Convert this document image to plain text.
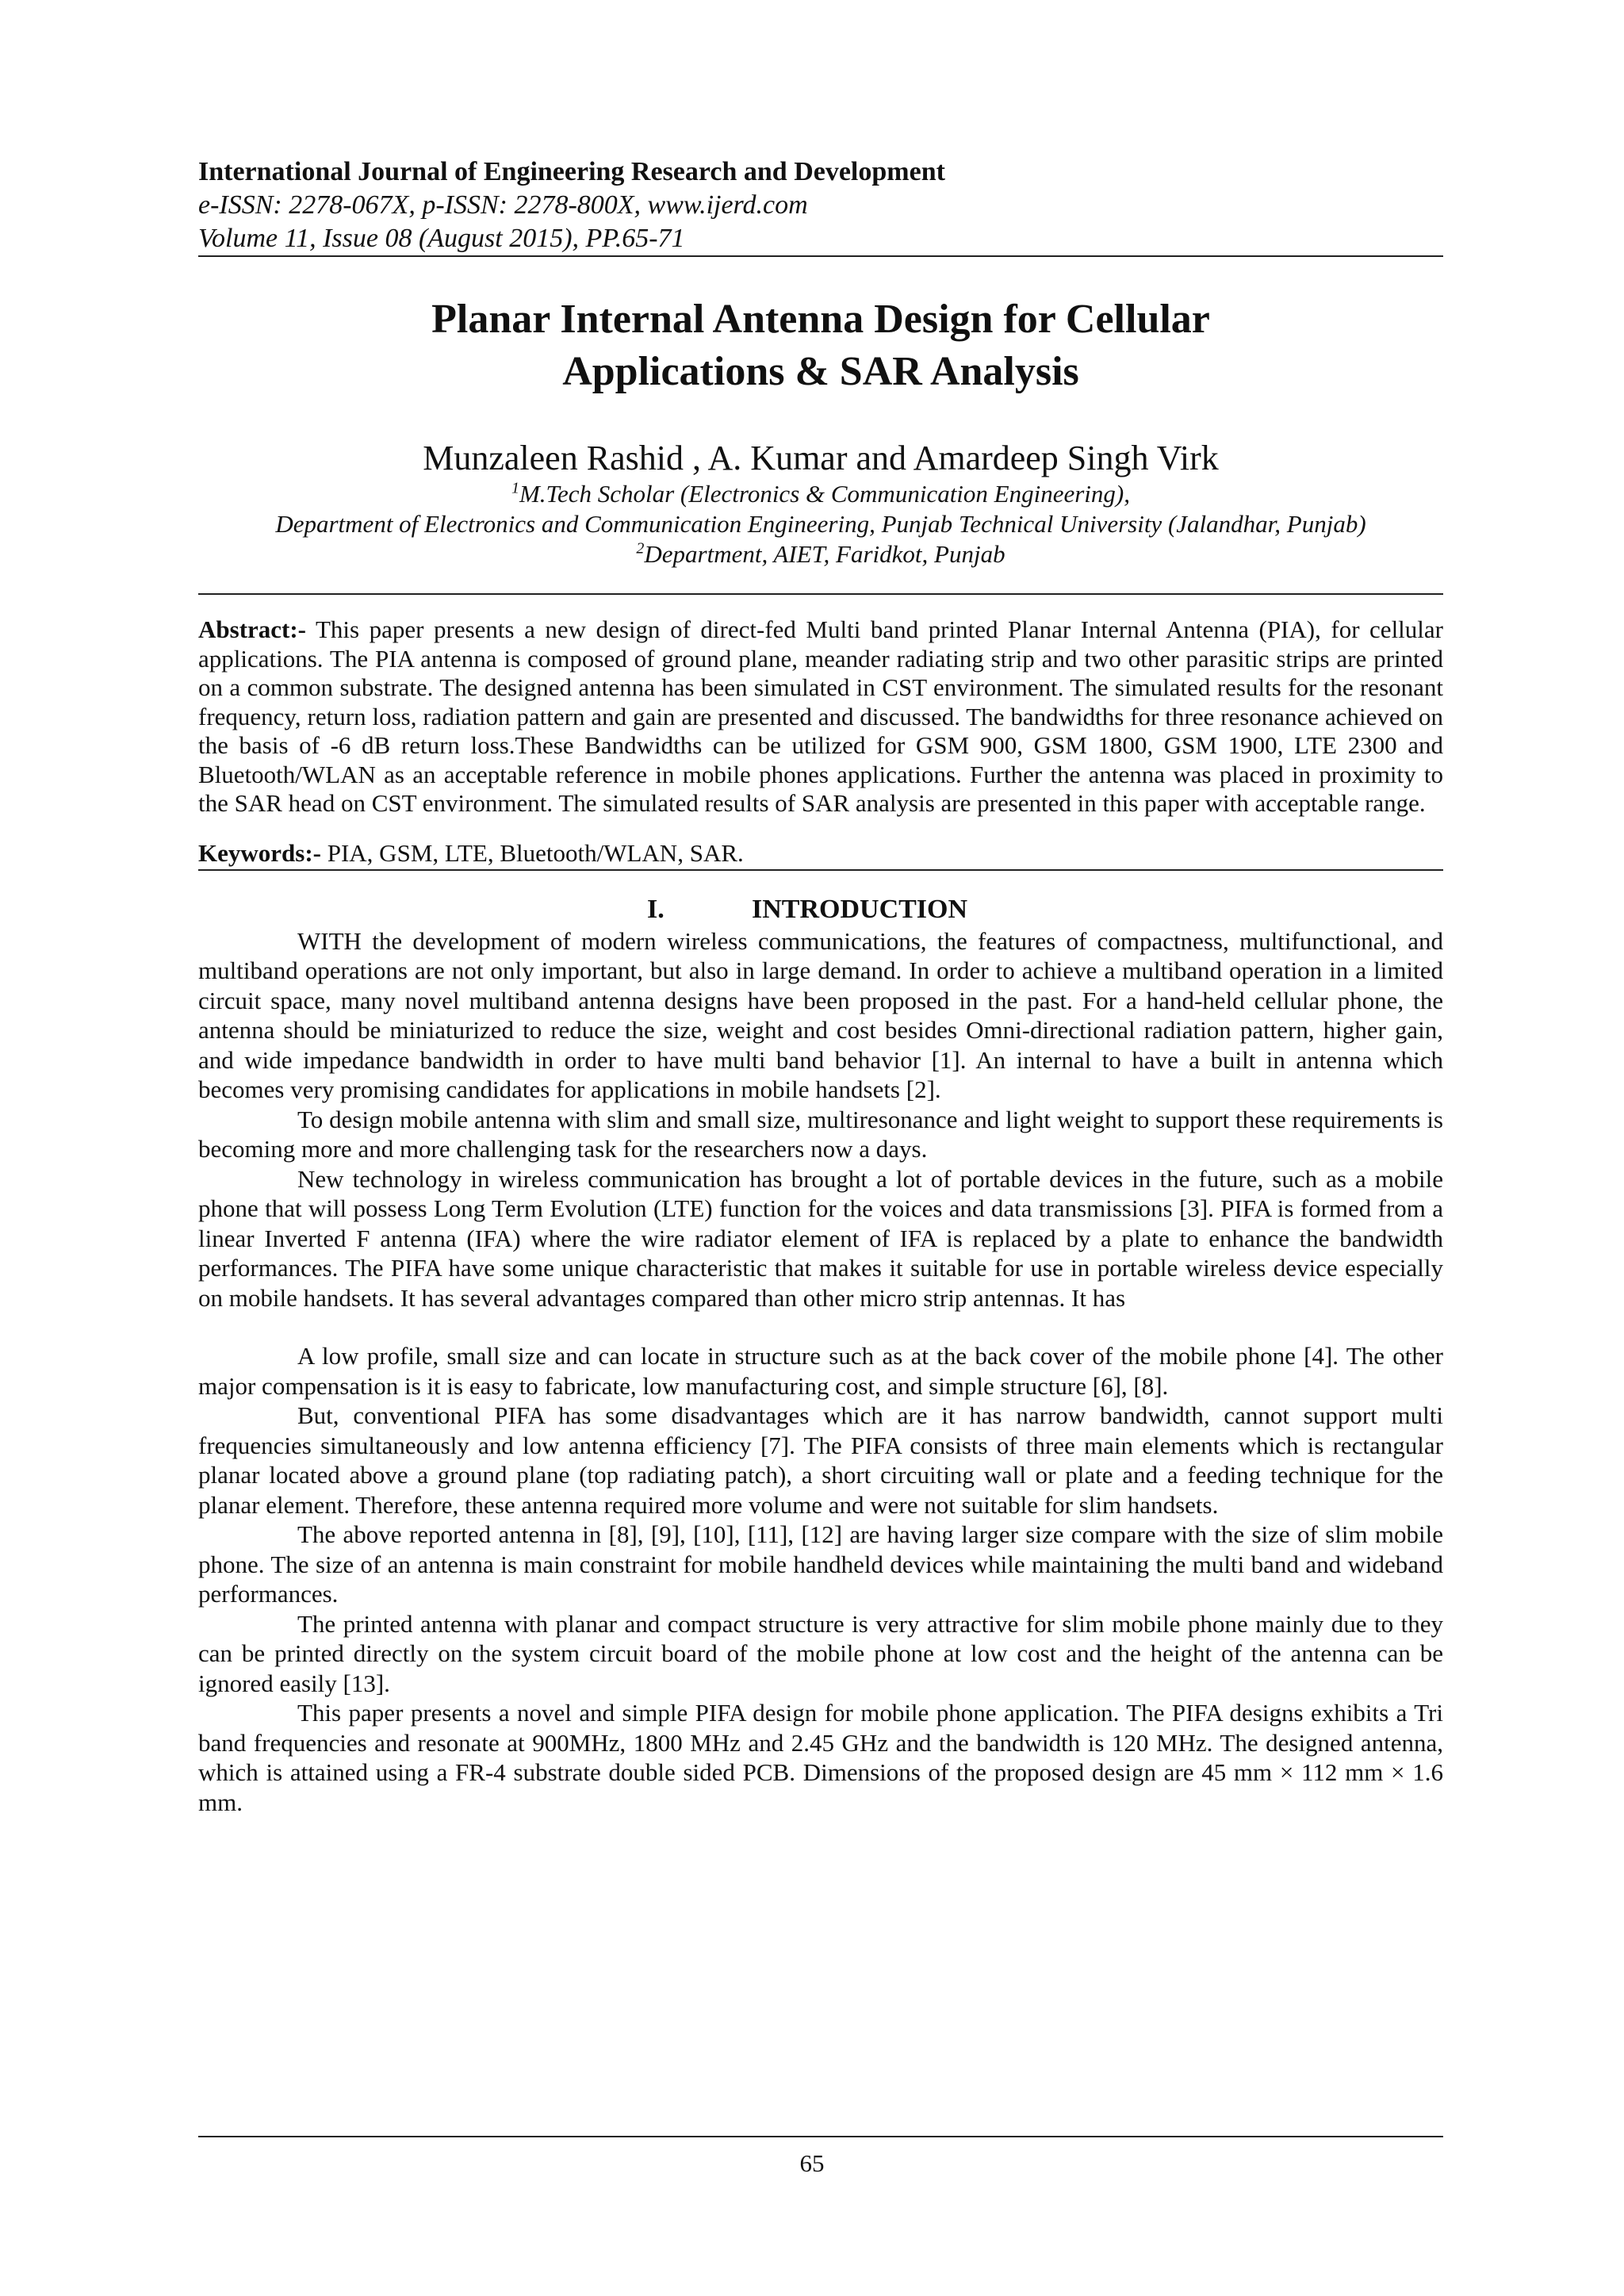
International Journal of Engineering Research and Development
e-ISSN: 2278-067X, p-ISSN: 2278-800X, www.ijerd.com
Volume 11, Issue 08 (August 2015), PP.65-71
Planar Internal Antenna Design for Cellular
Applications & SAR Analysis
Munzaleen Rashid , A. Kumar and Amardeep Singh Virk
$^1$M.Tech Scholar (Electronics & Communication Engineering),
Department of Electronics and Communication Engineering, Punjab Technical University (Jalandhar, Punjab)
$^2$Department, AIET, Faridkot, Punjab
Abstract:- This paper presents a new design of direct-fed Multi band printed Planar Internal Antenna (PIA), for cellular applications. The PIA antenna is composed of ground plane, meander radiating strip and two other parasitic strips are printed on a common substrate. The designed antenna has been simulated in CST environment. The simulated results for the resonant frequency, return loss, radiation pattern and gain are presented and discussed. The bandwidths for three resonance achieved on the basis of -6 dB return loss.These Bandwidths can be utilized for GSM 900, GSM 1800, GSM 1900, LTE 2300 and Bluetooth/WLAN as an acceptable reference in mobile phones applications. Further the antenna was placed in proximity to the SAR head on CST environment. The simulated results of SAR analysis are presented in this paper with acceptable range.
Keywords:- PIA, GSM, LTE, Bluetooth/WLAN, SAR.
I.	INTRODUCTION

WITH the development of modern wireless communications, the features of compactness, multifunctional, and multiband operations are not only important, but also in large demand. In order to achieve a multiband operation in a limited circuit space, many novel multiband antenna designs have been proposed in the past. For a hand-held cellular phone, the antenna should be miniaturized to reduce the size, weight and cost besides Omni-directional radiation pattern, higher gain, and wide impedance bandwidth in order to have multi band behavior [1]. An internal to have a built in antenna which becomes very promising candidates for applications in mobile handsets [2].

To design mobile antenna with slim and small size, multiresonance and light weight to support these requirements is becoming more and more challenging task for the researchers now a days.

New technology in wireless communication has brought a lot of portable devices in the future, such as a mobile phone that will possess Long Term Evolution (LTE) function for the voices and data transmissions [3]. PIFA is formed from a linear Inverted F antenna (IFA) where the wire radiator element of IFA is replaced by a plate to enhance the bandwidth performances. The PIFA have some unique characteristic that makes it suitable for use in portable wireless device especially on mobile handsets. It has several advantages compared than other micro strip antennas. It has

A low profile, small size and can locate in structure such as at the back cover of the mobile phone [4]. The other major compensation is it is easy to fabricate, low manufacturing cost, and simple structure [6], [8].

But, conventional PIFA has some disadvantages which are it has narrow bandwidth, cannot support multi frequencies simultaneously and low antenna efficiency [7]. The PIFA consists of three main elements which is rectangular planar located above a ground plane (top radiating patch), a short circuiting wall or plate and a feeding technique for the planar element. Therefore, these antenna required more volume and were not suitable for slim handsets.

The above reported antenna in [8], [9], [10], [11], [12] are having larger size compare with the size of slim mobile phone. The size of an antenna is main constraint for mobile handheld devices while maintaining the multi band and wideband performances.

The printed antenna with planar and compact structure is very attractive for slim mobile phone mainly due to they can be printed directly on the system circuit board of the mobile phone at low cost and the height of the antenna can be ignored easily [13].

This paper presents a novel and simple PIFA design for mobile phone application. The PIFA designs exhibits a Tri band frequencies and resonate at 900MHz, 1800 MHz and 2.45 GHz and the bandwidth is 120 MHz. The designed antenna, which is attained using a FR-4 substrate double sided PCB. Dimensions of the proposed design are 45 mm × 112 mm × 1.6 mm.

65
